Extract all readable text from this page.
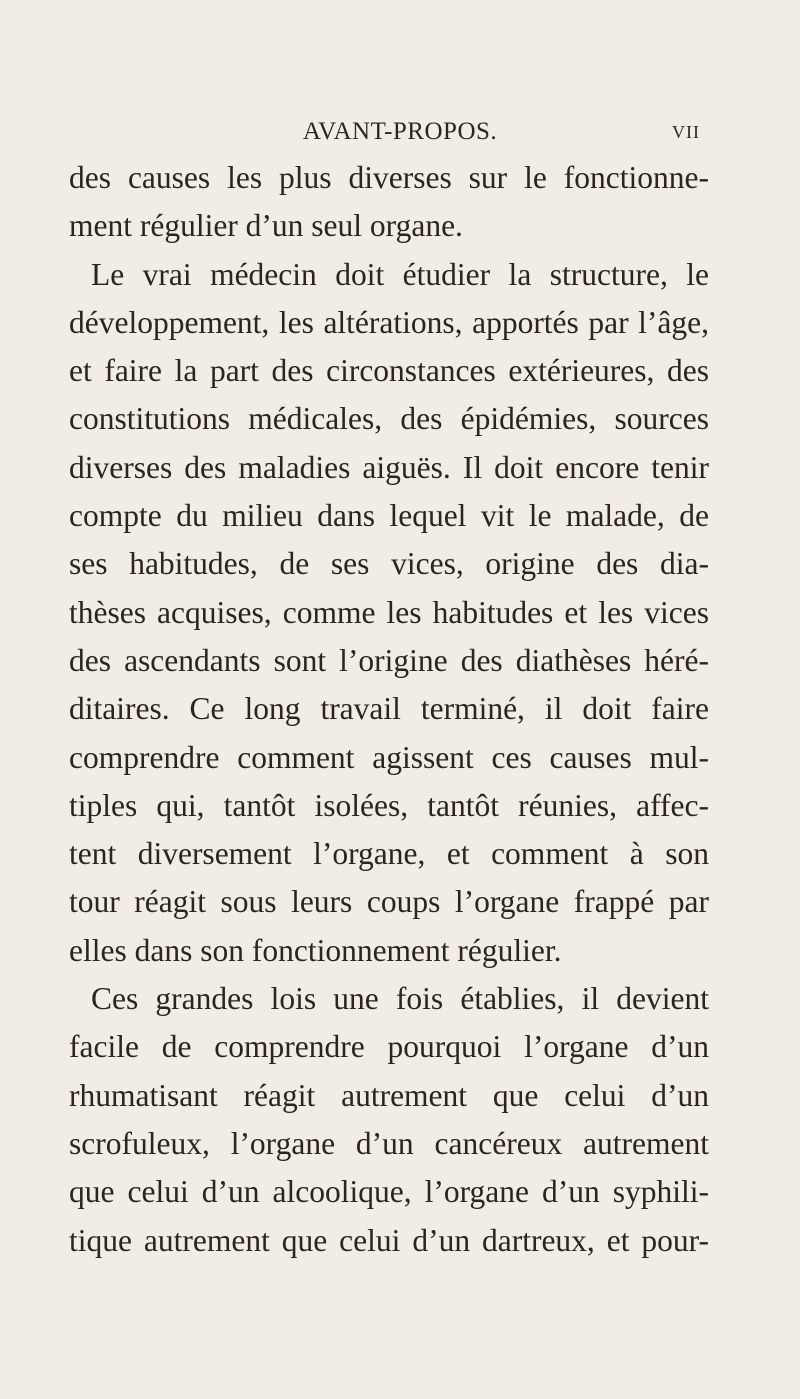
AVANT-PROPOS.	VII
des causes les plus diverses sur le fonctionne-
ment régulier d’un seul organe.
Le vrai médecin doit étudier la structure, le
développement, les altérations, apportés par l’âge,
et faire la part des circonstances extérieures, des
constitutions médicales, des épidémies, sources
diverses des maladies aiguës. Il doit encore tenir
compte du milieu dans lequel vit le malade, de
ses habitudes, de ses vices, origine des dia-
thèses acquises, comme les habitudes et les vices
des ascendants sont l’origine des diathèses héré-
ditaires. Ce long travail terminé, il doit faire
comprendre comment agissent ces causes mul-
tiples qui, tantôt isolées, tantôt réunies, affec-
tent diversement l’organe, et comment à son
tour réagit sous leurs coups l’organe frappé par
elles dans son fonctionnement régulier.
Ces grandes lois une fois établies, il devient
facile de comprendre pourquoi l’organe d’un
rhumatisant réagit autrement que celui d’un
scrofuleux, l’organe d’un cancéreux autrement
que celui d’un alcoolique, l’organe d’un syphili-
tique autrement que celui d’un dartreux, et pour-
